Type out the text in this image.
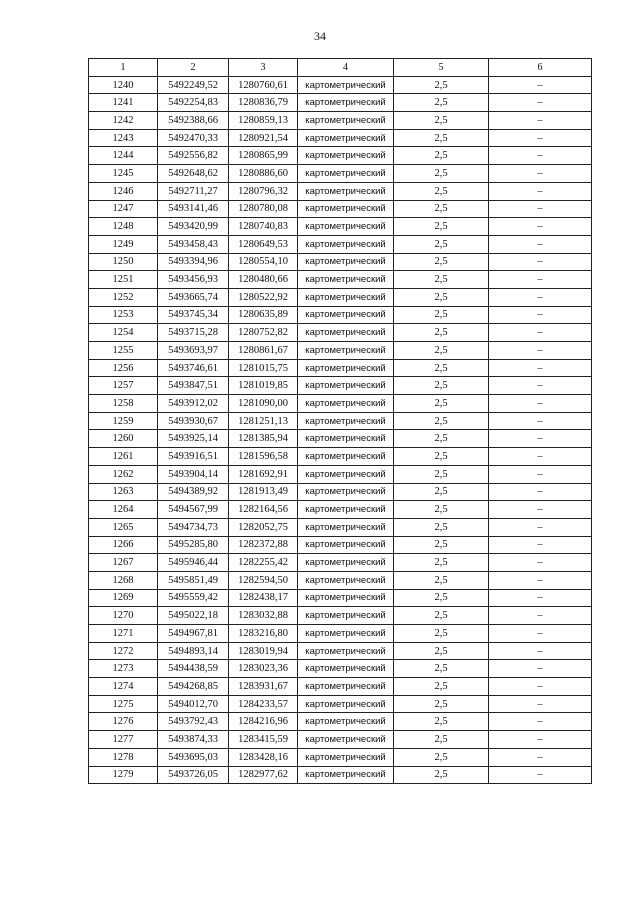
34
1	2	3	4	5	6
1240	5492249,52	1280760,61	картометрический	2,5	–
1241	5492254,83	1280836,79	картометрический	2,5	–
1242	5492388,66	1280859,13	картометрический	2,5	–
1243	5492470,33	1280921,54	картометрический	2,5	–
1244	5492556,82	1280865,99	картометрический	2,5	–
1245	5492648,62	1280886,60	картометрический	2,5	–
1246	5492711,27	1280796,32	картометрический	2,5	–
1247	5493141,46	1280780,08	картометрический	2,5	–
1248	5493420,99	1280740,83	картометрический	2,5	–
1249	5493458,43	1280649,53	картометрический	2,5	–
1250	5493394,96	1280554,10	картометрический	2,5	–
1251	5493456,93	1280480,66	картометрический	2,5	–
1252	5493665,74	1280522,92	картометрический	2,5	–
1253	5493745,34	1280635,89	картометрический	2,5	–
1254	5493715,28	1280752,82	картометрический	2,5	–
1255	5493693,97	1280861,67	картометрический	2,5	–
1256	5493746,61	1281015,75	картометрический	2,5	–
1257	5493847,51	1281019,85	картометрический	2,5	–
1258	5493912,02	1281090,00	картометрический	2,5	–
1259	5493930,67	1281251,13	картометрический	2,5	–
1260	5493925,14	1281385,94	картометрический	2,5	–
1261	5493916,51	1281596,58	картометрический	2,5	–
1262	5493904,14	1281692,91	картометрический	2,5	–
1263	5494389,92	1281913,49	картометрический	2,5	–
1264	5494567,99	1282164,56	картометрический	2,5	–
1265	5494734,73	1282052,75	картометрический	2,5	–
1266	5495285,80	1282372,88	картометрический	2,5	–
1267	5495946,44	1282255,42	картометрический	2,5	–
1268	5495851,49	1282594,50	картометрический	2,5	–
1269	5495559,42	1282438,17	картометрический	2,5	–
1270	5495022,18	1283032,88	картометрический	2,5	–
1271	5494967,81	1283216,80	картометрический	2,5	–
1272	5494893,14	1283019,94	картометрический	2,5	–
1273	5494438,59	1283023,36	картометрический	2,5	–
1274	5494268,85	1283931,67	картометрический	2,5	–
1275	5494012,70	1284233,57	картометрический	2,5	–
1276	5493792,43	1284216,96	картометрический	2,5	–
1277	5493874,33	1283415,59	картометрический	2,5	–
1278	5493695,03	1283428,16	картометрический	2,5	–
1279	5493726,05	1282977,62	картометрический	2,5	–
